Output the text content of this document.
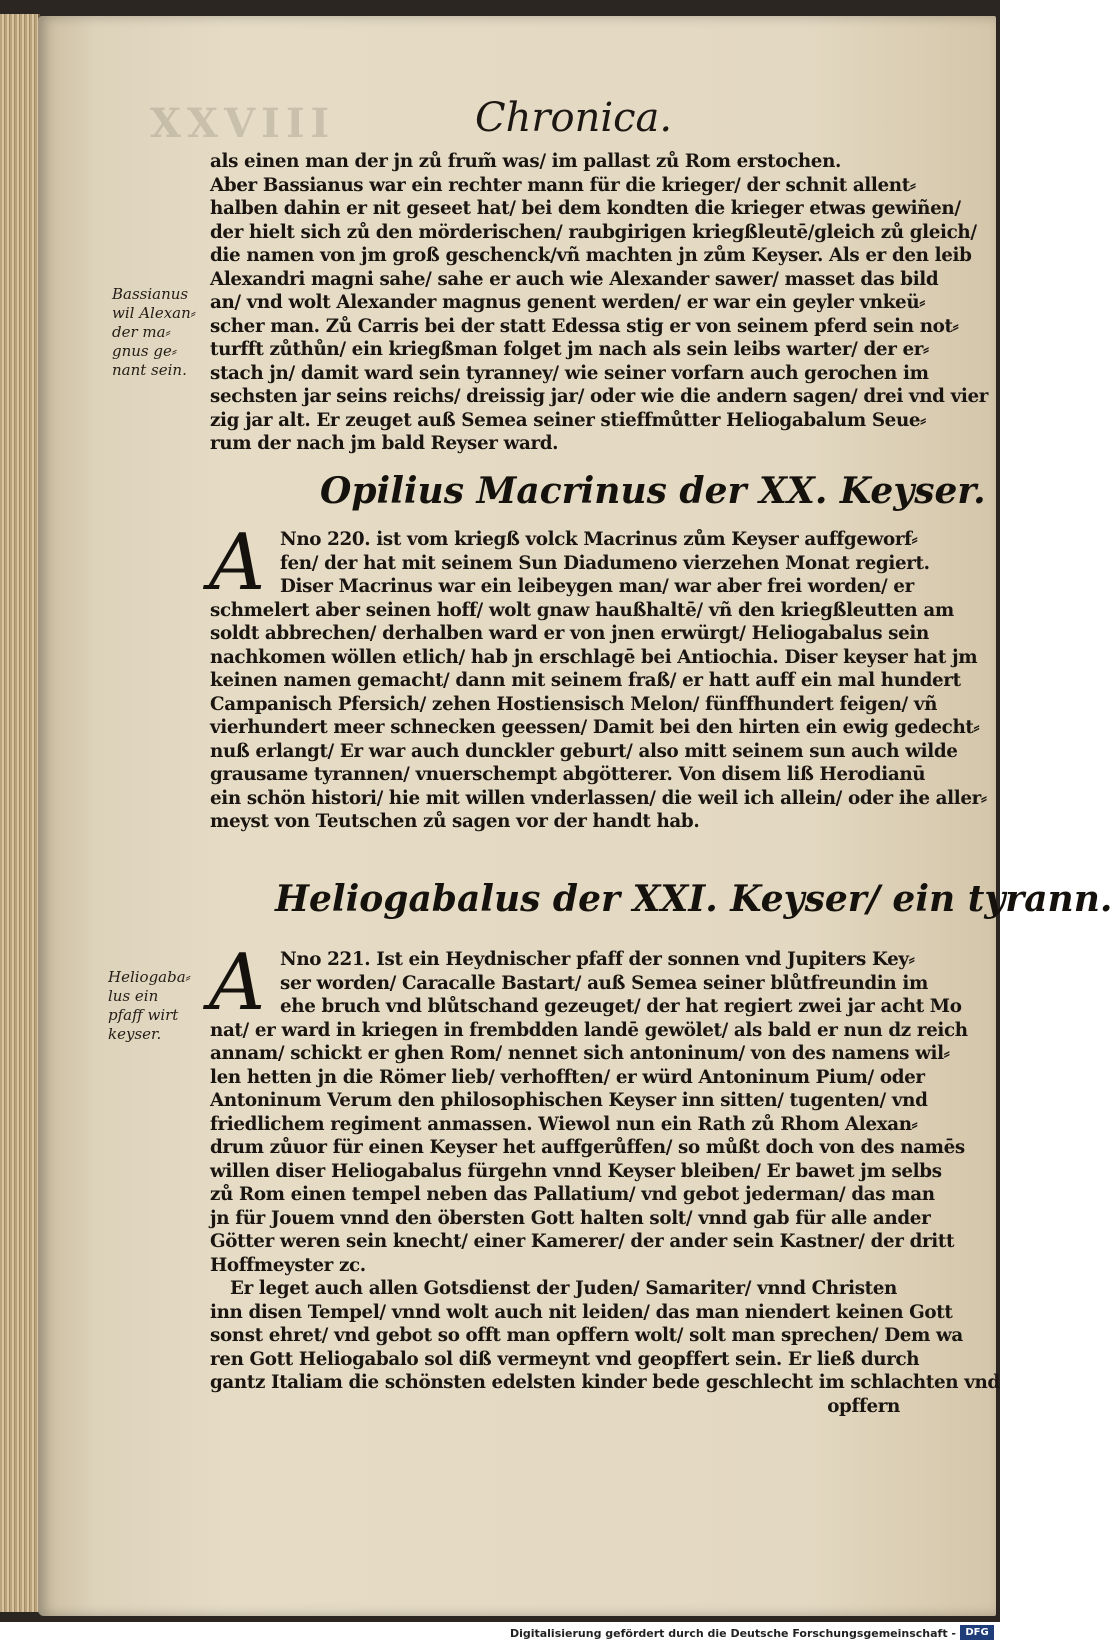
XXVIII	Chronica.
als einen man der jn zů frum̃ was/ im pallast zů Rom erstochen.
Aber Bassianus war ein rechter mann für die krieger/ der schnit allent⸗
halben dahin er nit geseet hat/ bei dem kondten die krieger etwas gewiñen/
der hielt sich zů den mörderischen/ raubgirigen kriegßleutē/gleich zů gleich/
die namen von jm groß geschenck/vñ machten jn zům Keyser. Als er den leib
Alexandri magni sahe/ sahe er auch wie Alexander sawer/ masset das bild
an/ vnd wolt Alexander magnus genent werden/ er war ein geyler vnkeü⸗
scher man. Zů Carris bei der statt Edessa stig er von seinem pferd sein not⸗
turfft zůthůn/ ein kriegßman folget jm nach als sein leibs warter/ der er⸗
stach jn/ damit ward sein tyranney/ wie seiner vorfarn auch gerochen im
sechsten jar seins reichs/ dreissig jar/ oder wie die andern sagen/ drei vnd vier
zig jar alt. Er zeuget auß Semea seiner stieffmůtter Heliogabalum Seue⸗
rum der nach jm bald Reyser ward.
Bassianus
wil Alexan⸗
der ma⸗
gnus ge⸗
nant sein.
Opilius Macrinus der XX. Keyser.
A Nno 220. ist vom kriegß volck Macrinus zům Keyser auffgeworf⸗
fen/ der hat mit seinem Sun Diadumeno vierzehen Monat regiert.
Diser Macrinus war ein leibeygen man/ war aber frei worden/ er
schmelert aber seinen hoff/ wolt gnaw haußhaltē/ vñ den kriegßleutten am
soldt abbrechen/ derhalben ward er von jnen erwürgt/ Heliogabalus sein
nachkomen wöllen etlich/ hab jn erschlagē bei Antiochia. Diser keyser hat jm
keinen namen gemacht/ dann mit seinem fraß/ er hatt auff ein mal hundert
Campanisch Pfersich/ zehen Hostiensisch Melon/ fünffhundert feigen/ vñ
vierhundert meer schnecken geessen/ Damit bei den hirten ein ewig gedecht⸗
nuß erlangt/ Er war auch dunckler geburt/ also mitt seinem sun auch wilde
grausame tyrannen/ vnuerschempt abgötterer. Von disem liß Herodianū
ein schön histori/ hie mit willen vnderlassen/ die weil ich allein/ oder ihe aller⸗
meyst von Teutschen zů sagen vor der handt hab.
Heliogabalus der XXI. Keyser/ ein tyrann.
Heliogaba⸗
lus ein
pfaff wirt
keyser.
A Nno 221. Ist ein Heydnischer pfaff der sonnen vnd Jupiters Key⸗
ser worden/ Caracalle Bastart/ auß Semea seiner blůtfreundin im
ehe bruch vnd blůtschand gezeuget/ der hat regiert zwei jar acht Mo
nat/ er ward in kriegen in frembdden landē gewölet/ als bald er nun dz reich
annam/ schickt er ghen Rom/ nennet sich antoninum/ von des namens wil⸗
len hetten jn die Römer lieb/ verhofften/ er würd Antoninum Pium/ oder
Antoninum Verum den philosophischen Keyser inn sitten/ tugenten/ vnd
friedlichem regiment anmassen. Wiewol nun ein Rath zů Rhom Alexan⸗
drum zůuor für einen Keyser het auffgerůffen/ so můßt doch von des namēs
willen diser Heliogabalus fürgehn vnnd Keyser bleiben/ Er bawet jm selbs
zů Rom einen tempel neben das Pallatium/ vnd gebot jederman/ das man
jn für Jouem vnnd den öbersten Gott halten solt/ vnnd gab für alle ander
Götter weren sein knecht/ einer Kamerer/ der ander sein Kastner/ der dritt
Hoffmeyster zc.
Er leget auch allen Gotsdienst der Juden/ Samariter/ vnnd Christen
inn disen Tempel/ vnnd wolt auch nit leiden/ das man niendert keinen Gott
sonst ehret/ vnd gebot so offt man opffern wolt/ solt man sprechen/ Dem wa
ren Gott Heliogabalo sol diß vermeynt vnd geopffert sein. Er ließ durch
gantz Italiam die schönsten edelsten kinder bede geschlecht im schlachten vnd
opffern
Digitalisierung gefördert durch die Deutsche Forschungsgemeinschaft - DFG
